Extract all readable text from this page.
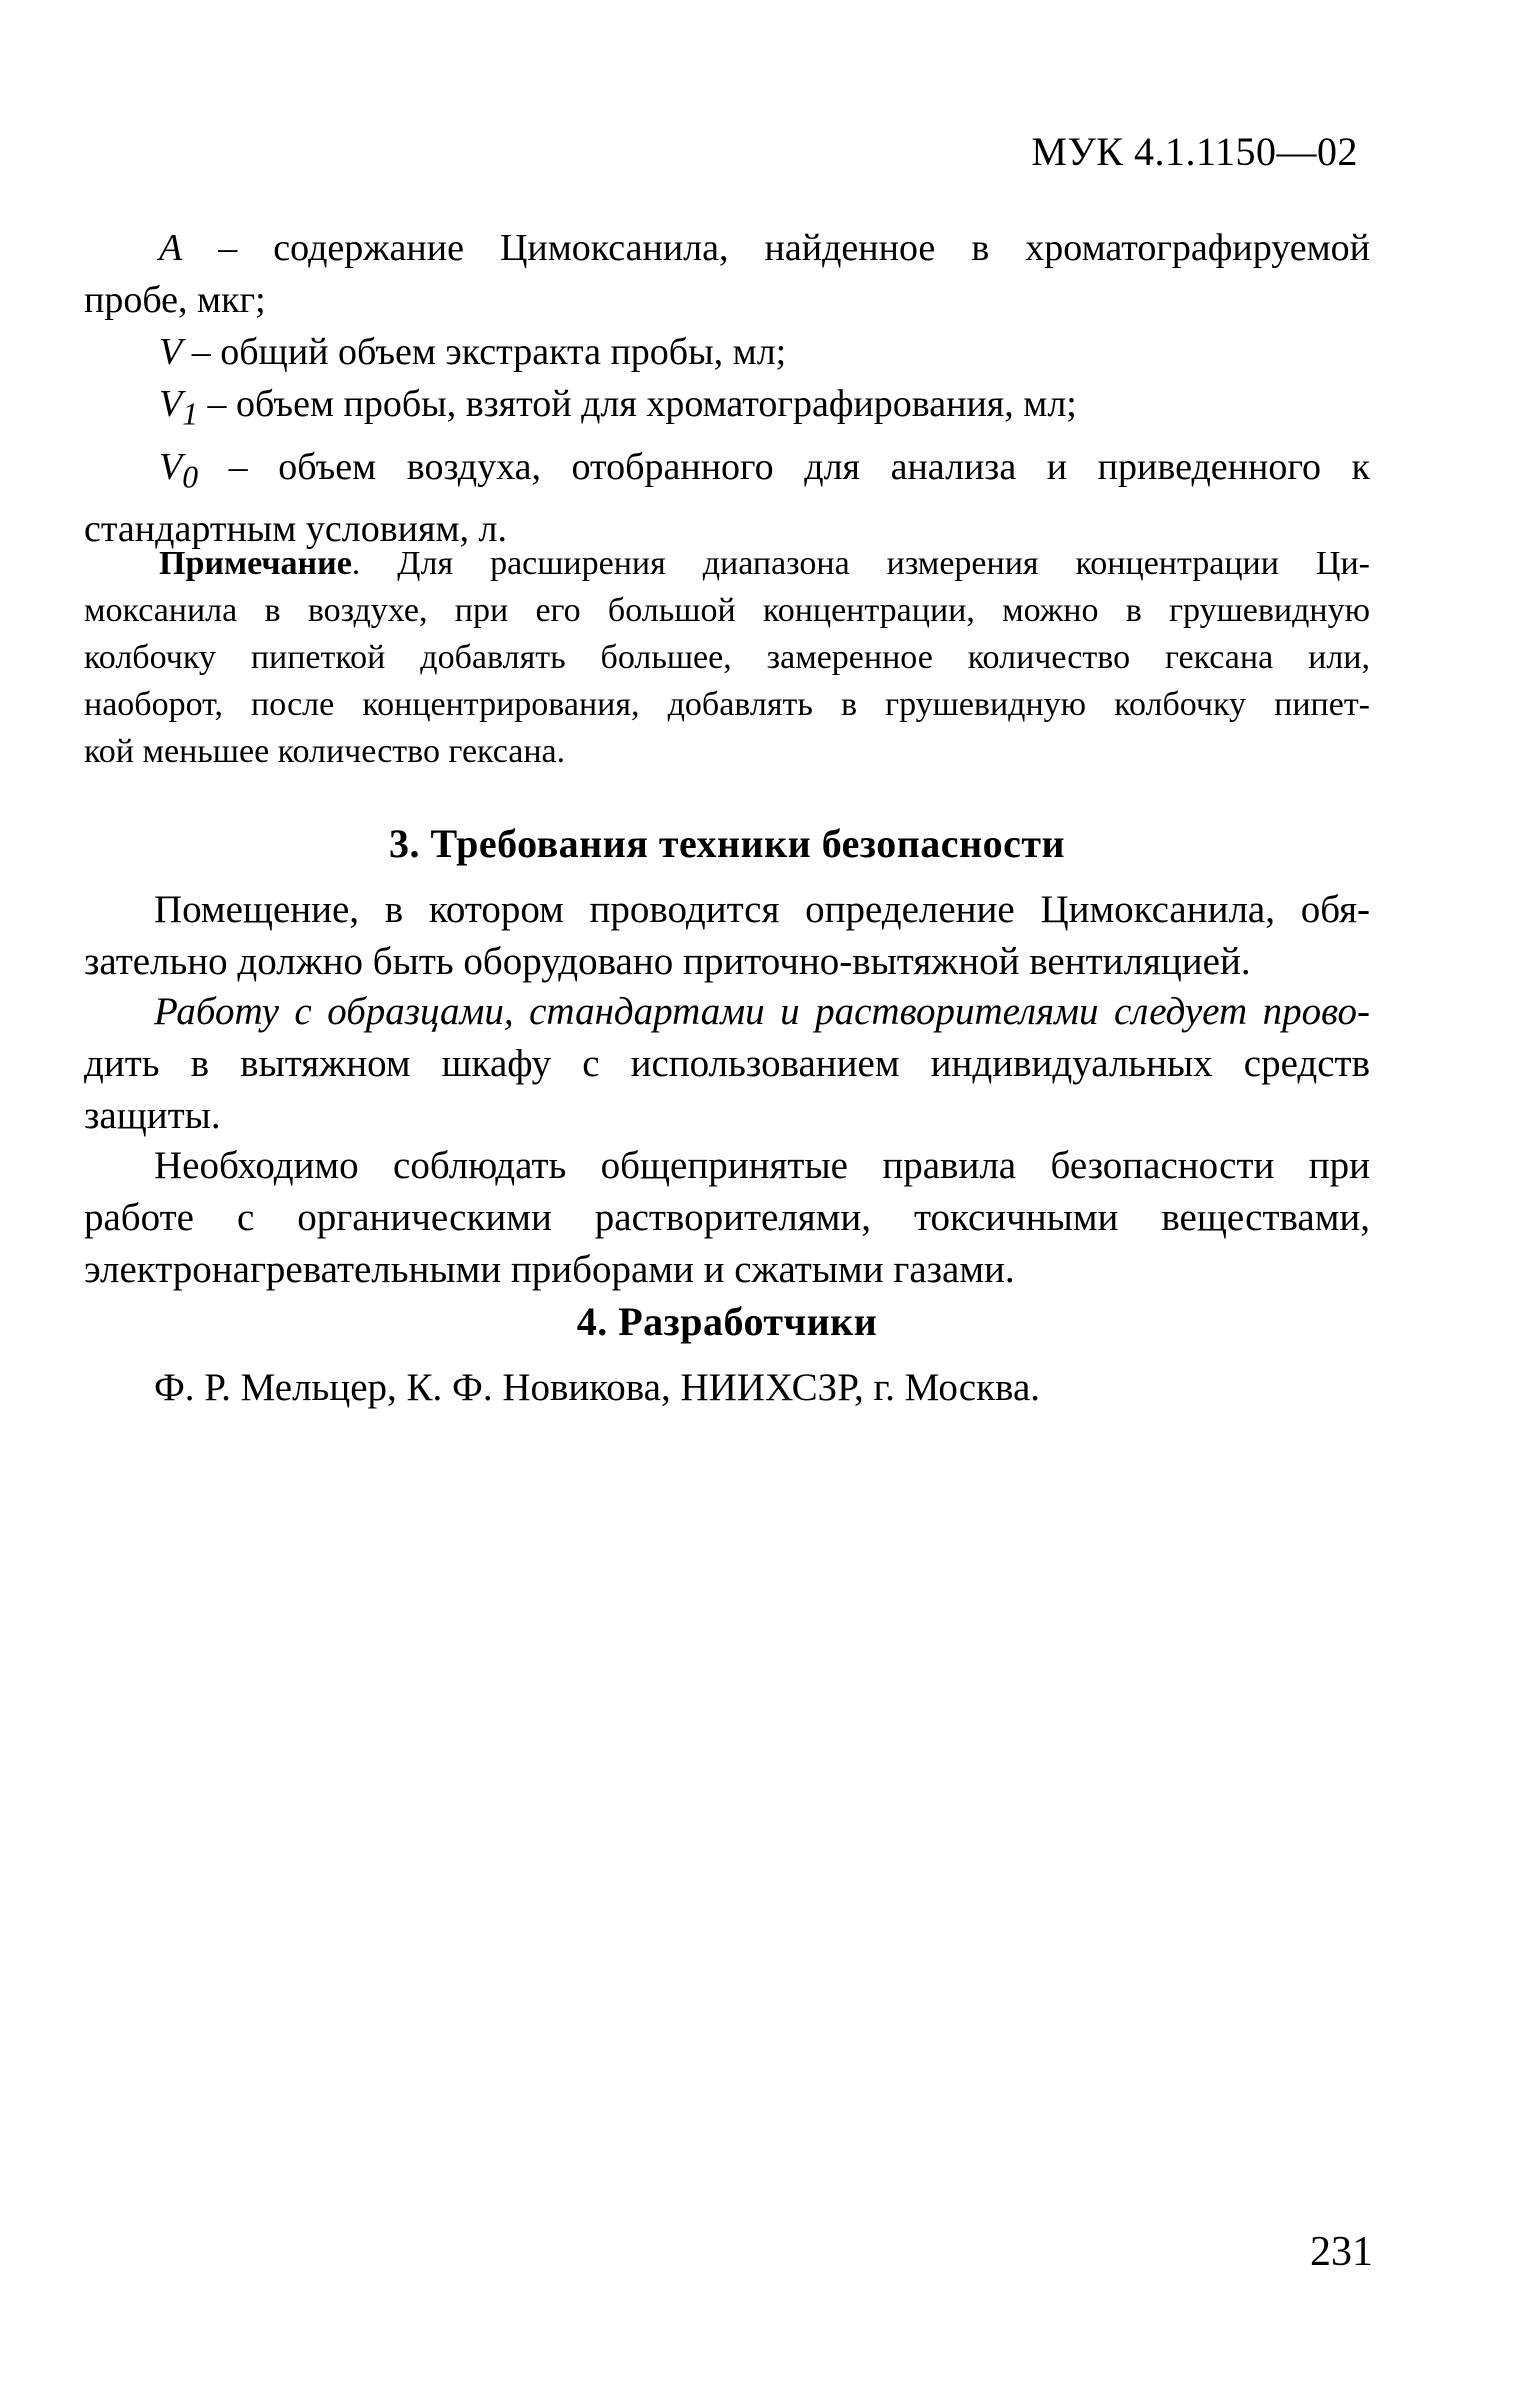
МУК 4.1.1150—02

A – содержание Цимоксанила, найденное в хроматографируемой

пробе, мкг;

V – общий объем экстракта пробы, мл;

$V_1$ – объем пробы, взятой для хроматографирования, мл;

$V_0$ – объем воздуха, отобранного для анализа и приведенного к

стандартным условиям, л.

Примечание. Для расширения диапазона измерения концентрации Ци-

моксанила в воздухе, при его большой концентрации, можно в грушевидную

колбочку пипеткой добавлять большее, замеренное количество гексана или,

наоборот, после концентрирования, добавлять в грушевидную колбочку пипет-

кой меньшее количество гексана.

3. Требования техники безопасности

Помещение, в котором проводится определение Цимоксанила, обя-

зательно должно быть оборудовано приточно-вытяжной вентиляцией.

Работу с образцами, стандартами и растворителями следует прово-

дить в вытяжном шкафу с использованием индивидуальных средств

защиты.

Необходимо соблюдать общепринятые правила безопасности при

работе с органическими растворителями, токсичными веществами,

электронагревательными приборами и сжатыми газами.

4. Разработчики

Ф. Р. Мельцер, К. Ф. Новикова, НИИХСЗР, г. Москва.

231
